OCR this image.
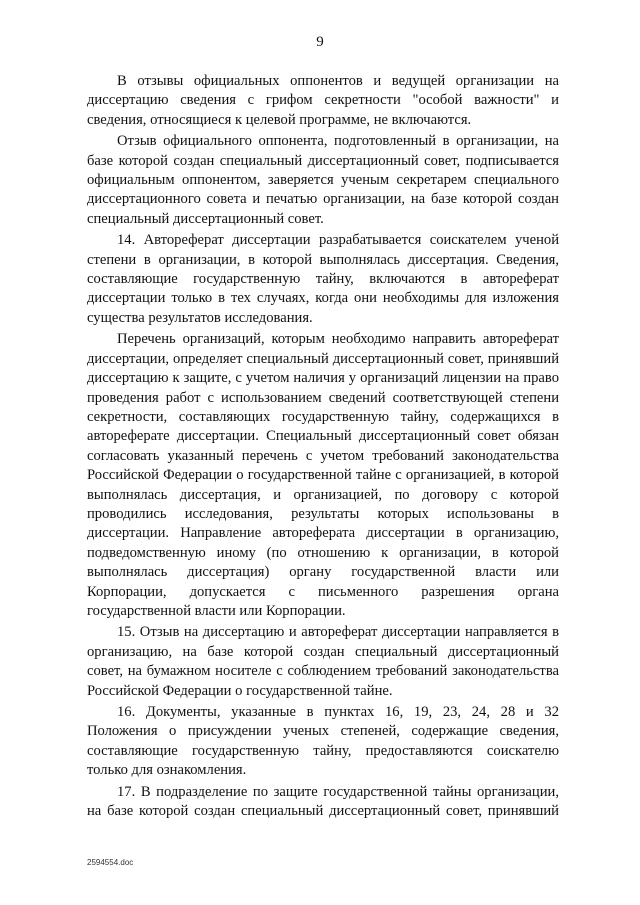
9
В отзывы официальных оппонентов и ведущей организации на
диссертацию сведения с грифом секретности "особой важности" и
сведения, относящиеся к целевой программе, не включаются.
Отзыв официального оппонента, подготовленный в организации, на
базе которой создан специальный диссертационный совет, подписывается
официальным оппонентом, заверяется ученым секретарем специального
диссертационного совета и печатью организации, на базе которой создан
специальный диссертационный совет.
14. Автореферат диссертации разрабатывается соискателем ученой
степени в организации, в которой выполнялась диссертация. Сведения,
составляющие государственную тайну, включаются в автореферат
диссертации только в тех случаях, когда они необходимы для изложения
существа результатов исследования.
Перечень организаций, которым необходимо направить автореферат
диссертации, определяет специальный диссертационный совет, принявший
диссертацию к защите, с учетом наличия у организаций лицензии на право
проведения работ с использованием сведений соответствующей степени
секретности, составляющих государственную тайну, содержащихся в
автореферате диссертации. Специальный диссертационный совет обязан
согласовать указанный перечень с учетом требований законодательства
Российской Федерации о государственной тайне с организацией, в которой
выполнялась диссертация, и организацией, по договору с которой
проводились исследования, результаты которых использованы в
диссертации. Направление автореферата диссертации в организацию,
подведомственную иному (по отношению к организации, в которой
выполнялась диссертация) органу государственной власти или
Корпорации, допускается с письменного разрешения органа
государственной власти или Корпорации.
15. Отзыв на диссертацию и автореферат диссертации направляется в
организацию, на базе которой создан специальный диссертационный
совет, на бумажном носителе с соблюдением требований законодательства
Российской Федерации о государственной тайне.
16. Документы, указанные в пунктах 16, 19, 23, 24, 28 и 32
Положения о присуждении ученых степеней, содержащие сведения,
составляющие государственную тайну, предоставляются соискателю
только для ознакомления.
17. В подразделение по защите государственной тайны организации,
на базе которой создан специальный диссертационный совет, принявший
2594554.doc
